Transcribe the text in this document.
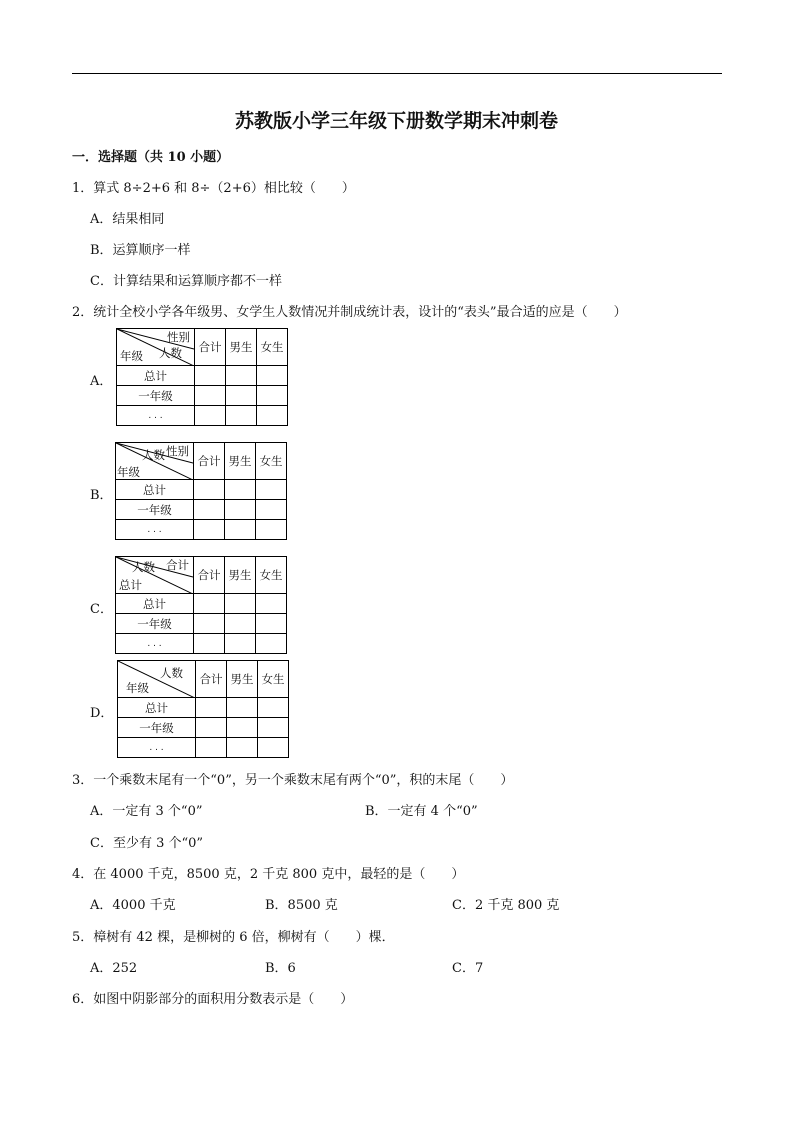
苏教版小学三年级下册数学期末冲刺卷
一．选择题（共 10 小题）
1．算式 8÷2+6 和 8÷（2+6）相比较（　　）
A．结果相同
B．运算顺序一样
C．计算结果和运算顺序都不一样
2．统计全校小学各年级男、女学生人数情况并制成统计表，设计的“表头”最合适的应是（　　）
A．
性别
人数
年级	合计	男生	女生
总计			
一年级			
. . .			
B．
性别
人数
年级	合计	男生	女生
总计			
一年级			
. . .			
C．
合计
人数
总计	合计	男生	女生
总计			
一年级			
. . .			
D．
人数
年级	合计	男生	女生
总计			
一年级			
. . .			
3．一个乘数末尾有一个“0”，另一个乘数末尾有两个“0”，积的末尾（　　）
A．一定有 3 个“0”	B．一定有 4 个“0”
C．至少有 3 个“0”
4．在 4000 千克，8500 克，2 千克 800 克中，最轻的是（　　）
A．4000 千克	B．8500 克	C．2 千克 800 克
5．樟树有 42 棵，是柳树的 6 倍，柳树有（　　）棵．
A．252	B．6	C．7
6．如图中阴影部分的面积用分数表示是（　　）
